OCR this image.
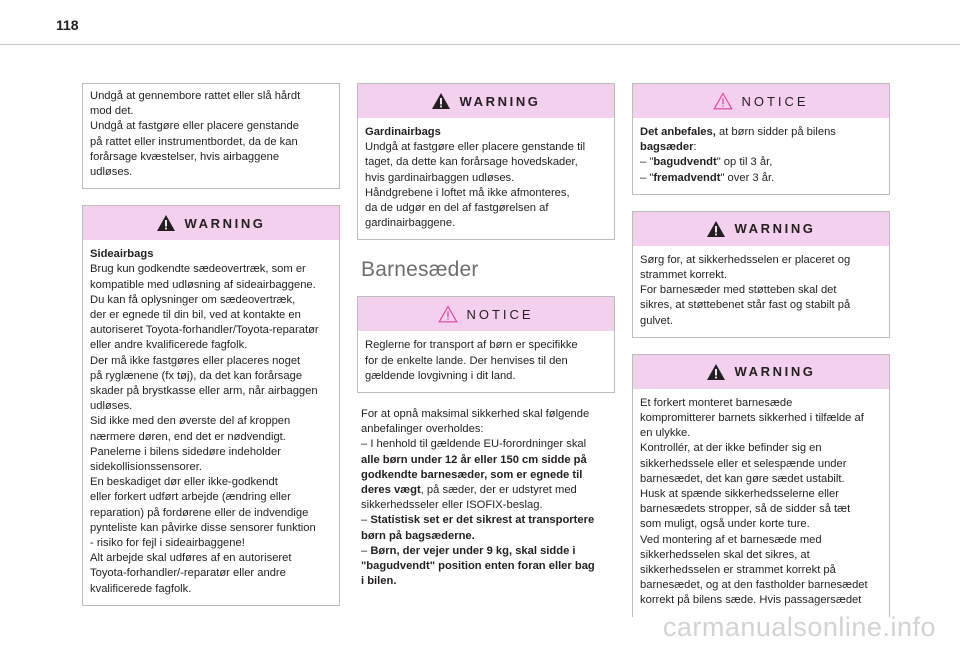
118

Undgå at gennembore rattet eller slå hårdt

mod det.

Undgå at fastgøre eller placere genstande

på rattet eller instrumentbordet, da de kan

forårsage kvæstelser, hvis airbaggene

udløses.

WARNING

Sideairbags

Brug kun godkendte sædeovertræk, som er

kompatible med udløsning af sideairbaggene.

Du kan få oplysninger om sædeovertræk,

der er egnede til din bil, ved at kontakte en

autoriseret Toyota-forhandler/Toyota-reparatør

eller andre kvalificerede fagfolk.

Der må ikke fastgøres eller placeres noget

på ryglænene (fx tøj), da det kan forårsage

skader på brystkasse eller arm, når airbaggen

udløses.

Sid ikke med den øverste del af kroppen

nærmere døren, end det er nødvendigt.

Panelerne i bilens sidedøre indeholder

sidekollisionssensorer.

En beskadiget dør eller ikke-godkendt

eller forkert udført arbejde (ændring eller

reparation) på fordørene eller de indvendige

pynteliste kan påvirke disse sensorer funktion

- risiko for fejl i sideairbaggene!

Alt arbejde skal udføres af en autoriseret

Toyota-forhandler/-reparatør eller andre

kvalificerede fagfolk.

WARNING

Gardinairbags

Undgå at fastgøre eller placere genstande til

taget, da dette kan forårsage hovedskader,

hvis gardinairbaggen udløses.

Håndgrebene i loftet må ikke afmonteres,

da de udgør en del af fastgørelsen af

gardinairbaggene.

Barnesæder
NOTICE

Reglerne for transport af børn er specifikke

for de enkelte lande. Der henvises til den

gældende lovgivning i dit land.

For at opnå maksimal sikkerhed skal følgende

anbefalinger overholdes:

– I henhold til gældende EU-forordninger skal

alle børn under 12 år eller 150 cm sidde på

godkendte barnesæder, som er egnede til

deres vægt, på sæder, der er udstyret med

sikkerhedsseler eller ISOFIX-beslag.

– Statistisk set er det sikrest at transportere

børn på bagsæderne.

– Børn, der vejer under 9 kg, skal sidde i

"bagudvendt" position enten foran eller bag

i bilen.

NOTICE

Det anbefales, at børn sidder på bilens

bagsæder:

– "bagudvendt" op til 3 år,

– "fremadvendt" over 3 år.

WARNING

Sørg for, at sikkerhedsselen er placeret og

strammet korrekt.

For barnesæder med støtteben skal det

sikres, at støttebenet står fast og stabilt på

gulvet.

WARNING

Et forkert monteret barnesæde

kompromitterer barnets sikkerhed i tilfælde af

en ulykke.

Kontrollér, at der ikke befinder sig en

sikkerhedssele eller et selespænde under

barnesædet, det kan gøre sædet ustabilt.

Husk at spænde sikkerhedsselerne eller

barnesædets stropper, så de sidder så tæt

som muligt, også under korte ture.

Ved montering af et barnesæde med

sikkerhedsselen skal det sikres, at

sikkerhedsselen er strammet korrekt på

barnesædet, og at den fastholder barnesædet

korrekt på bilens sæde. Hvis passagersædet

carmanualsonline.info
